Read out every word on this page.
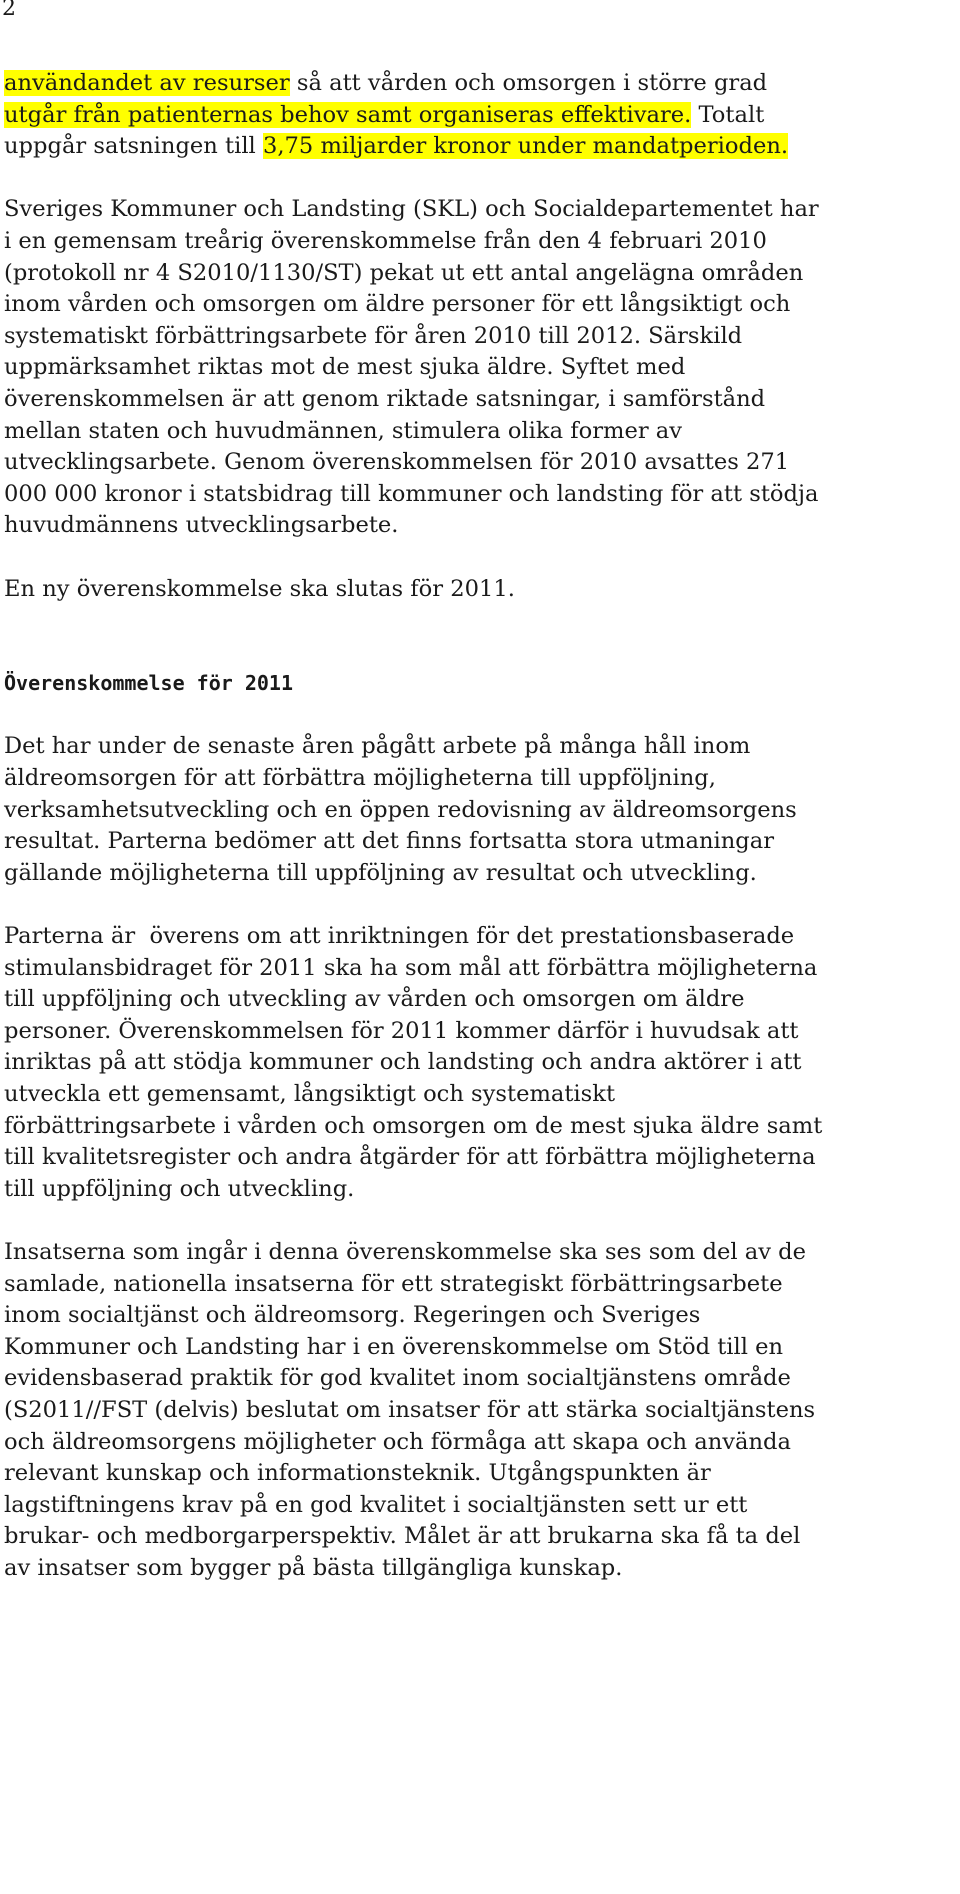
2

användandet av resurser så att vården och omsorgen i större grad
utgår från patienternas behov samt organiseras effektivare. Totalt
uppgår satsningen till 3,75 miljarder kronor under mandatperioden.

Sveriges Kommuner och Landsting (SKL) och Socialdepartementet har
i en gemensam treårig överenskommelse från den 4 februari 2010
(protokoll nr 4 S2010/1130/ST) pekat ut ett antal angelägna områden
inom vården och omsorgen om äldre personer för ett långsiktigt och
systematiskt förbättringsarbete för åren 2010 till 2012. Särskild
uppmärksamhet riktas mot de mest sjuka äldre. Syftet med
överenskommelsen är att genom riktade satsningar, i samförstånd
mellan staten och huvudmännen, stimulera olika former av
utvecklingsarbete. Genom överenskommelsen för 2010 avsattes 271
000 000 kronor i statsbidrag till kommuner och landsting för att stödja
huvudmännens utvecklingsarbete.

En ny överenskommelse ska slutas för 2011.

Överenskommelse för 2011

Det har under de senaste åren pågått arbete på många håll inom
äldreomsorgen för att förbättra möjligheterna till uppföljning,
verksamhetsutveckling och en öppen redovisning av äldreomsorgens
resultat. Parterna bedömer att det finns fortsatta stora utmaningar
gällande möjligheterna till uppföljning av resultat och utveckling.

Parterna är  överens om att inriktningen för det prestationsbaserade
stimulansbidraget för 2011 ska ha som mål att förbättra möjligheterna
till uppföljning och utveckling av vården och omsorgen om äldre
personer. Överenskommelsen för 2011 kommer därför i huvudsak att
inriktas på att stödja kommuner och landsting och andra aktörer i att
utveckla ett gemensamt, långsiktigt och systematiskt
förbättringsarbete i vården och omsorgen om de mest sjuka äldre samt
till kvalitetsregister och andra åtgärder för att förbättra möjligheterna
till uppföljning och utveckling.

Insatserna som ingår i denna överenskommelse ska ses som del av de
samlade, nationella insatserna för ett strategiskt förbättringsarbete
inom socialtjänst och äldreomsorg. Regeringen och Sveriges
Kommuner och Landsting har i en överenskommelse om Stöd till en
evidensbaserad praktik för god kvalitet inom socialtjänstens område
(S2011//FST (delvis) beslutat om insatser för att stärka socialtjänstens
och äldreomsorgens möjligheter och förmåga att skapa och använda
relevant kunskap och informationsteknik. Utgångspunkten är
lagstiftningens krav på en god kvalitet i socialtjänsten sett ur ett
brukar- och medborgarperspektiv. Målet är att brukarna ska få ta del
av insatser som bygger på bästa tillgängliga kunskap.
